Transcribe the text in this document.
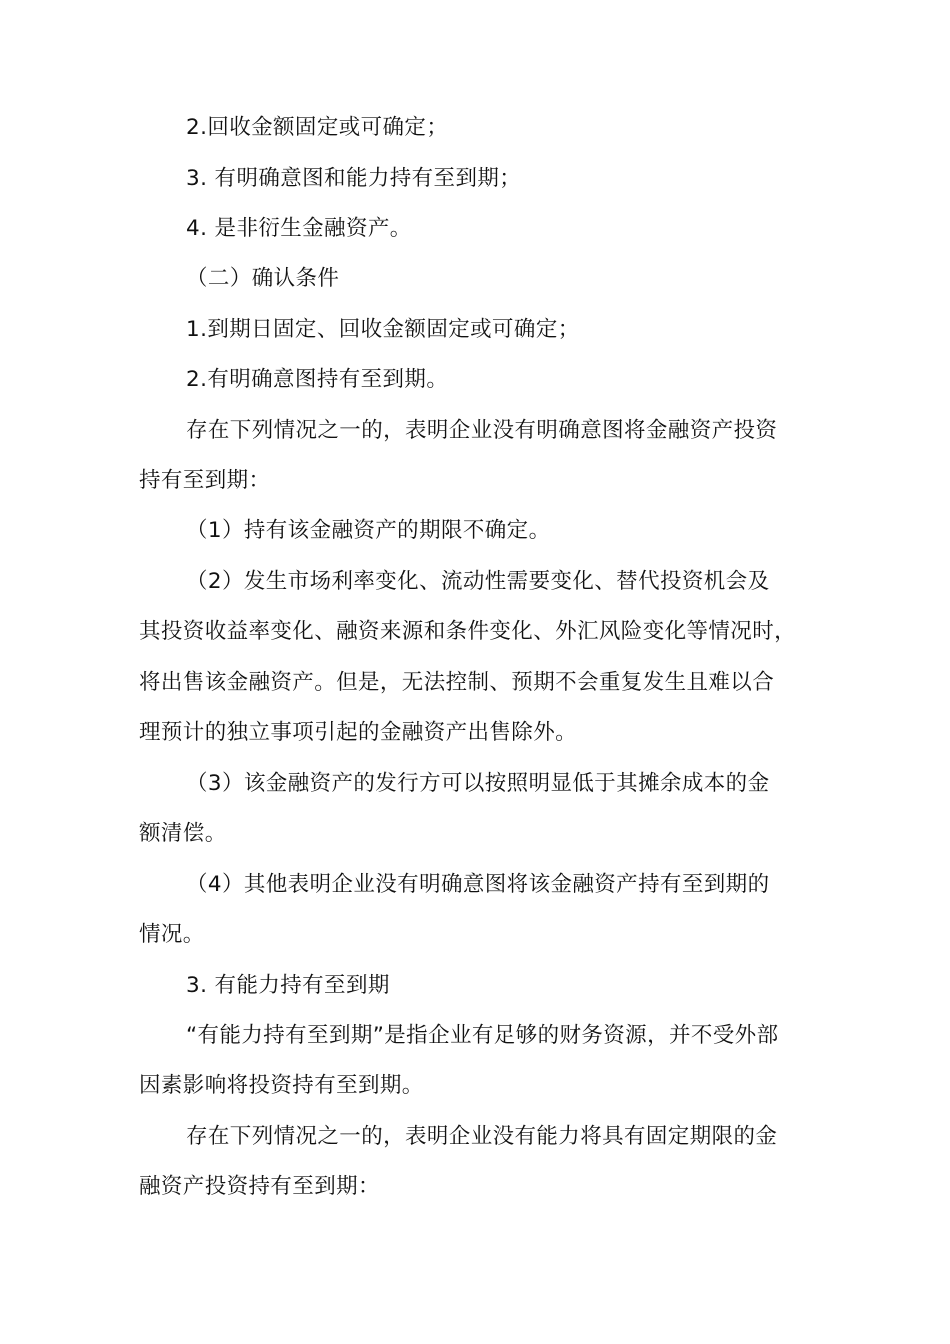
2.回收金额固定或可确定；
3. 有明确意图和能力持有至到期；
4. 是非衍生金融资产。
（二）确认条件
1.到期日固定、回收金额固定或可确定；
2.有明确意图持有至到期。
存在下列情况之一的，表明企业没有明确意图将金融资产投资
持有至到期：
（1）持有该金融资产的期限不确定。
（2）发生市场利率变化、流动性需要变化、替代投资机会及
其投资收益率变化、融资来源和条件变化、外汇风险变化等情况时，
将出售该金融资产。但是，无法控制、预期不会重复发生且难以合
理预计的独立事项引起的金融资产出售除外。
（3）该金融资产的发行方可以按照明显低于其摊余成本的金
额清偿。
（4）其他表明企业没有明确意图将该金融资产持有至到期的
情况。
3. 有能力持有至到期
“有能力持有至到期”是指企业有足够的财务资源，并不受外部
因素影响将投资持有至到期。
存在下列情况之一的，表明企业没有能力将具有固定期限的金
融资产投资持有至到期：
